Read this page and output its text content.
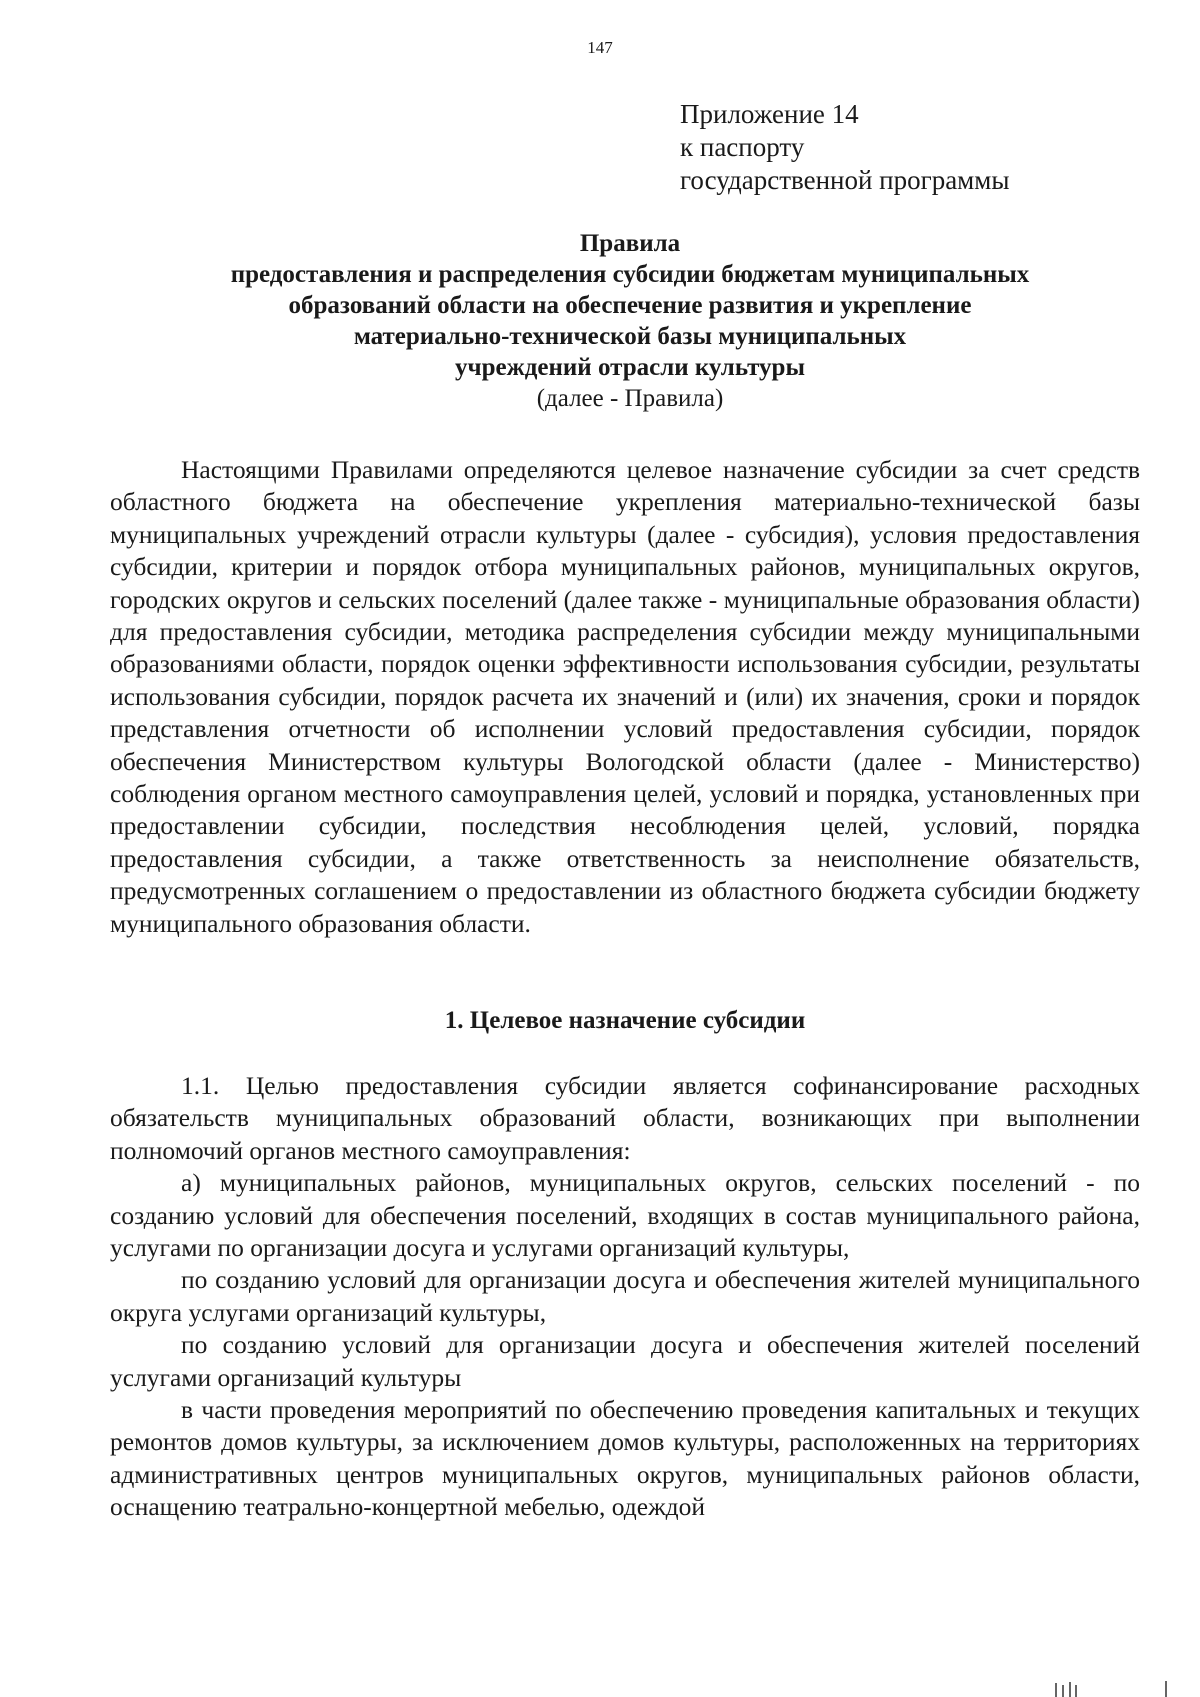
147
Приложение 14
к паспорту
государственной программы
Правила
предоставления и распределения субсидии бюджетам муниципальных
образований области на обеспечение развития и укрепление
материально-технической базы муниципальных
учреждений отрасли культуры
(далее - Правила)

Настоящими Правилами определяются целевое назначение субсидии за счет средств областного бюджета на обеспечение укрепления материально-технической базы муниципальных учреждений отрасли культуры (далее - субсидия), условия предоставления субсидии, критерии и порядок отбора муниципальных районов, муниципальных округов, городских округов и сельских поселений (далее также - муниципальные образования области) для предоставления субсидии, методика распределения субсидии между муниципальными образованиями области, порядок оценки эффективности использования субсидии, результаты использования субсидии, порядок расчета их значений и (или) их значения, сроки и порядок представления отчетности об исполнении условий предоставления субсидии, порядок обеспечения Министерством культуры Вологодской области (далее - Министерство) соблюдения органом местного самоуправления целей, условий и порядка, установленных при предоставлении субсидии, последствия несоблюдения целей, условий, порядка предоставления субсидии, а также ответственность за неисполнение обязательств, предусмотренных соглашением о предоставлении из областного бюджета субсидии бюджету муниципального образования области.

1. Целевое назначение субсидии

1.1. Целью предоставления субсидии является софинансирование расходных обязательств муниципальных образований области, возникающих при выполнении полномочий органов местного самоуправления:

а) муниципальных районов, муниципальных округов, сельских поселений - по созданию условий для обеспечения поселений, входящих в состав муниципального района, услугами по организации досуга и услугами организаций культуры,

по созданию условий для организации досуга и обеспечения жителей муниципального округа услугами организаций культуры,

по созданию условий для организации досуга и обеспечения жителей поселений услугами организаций культуры

в части проведения мероприятий по обеспечению проведения капитальных и текущих ремонтов домов культуры, за исключением домов культуры, расположенных на территориях административных центров муниципальных округов, муниципальных районов области, оснащению театрально-концертной мебелью, одеждой
